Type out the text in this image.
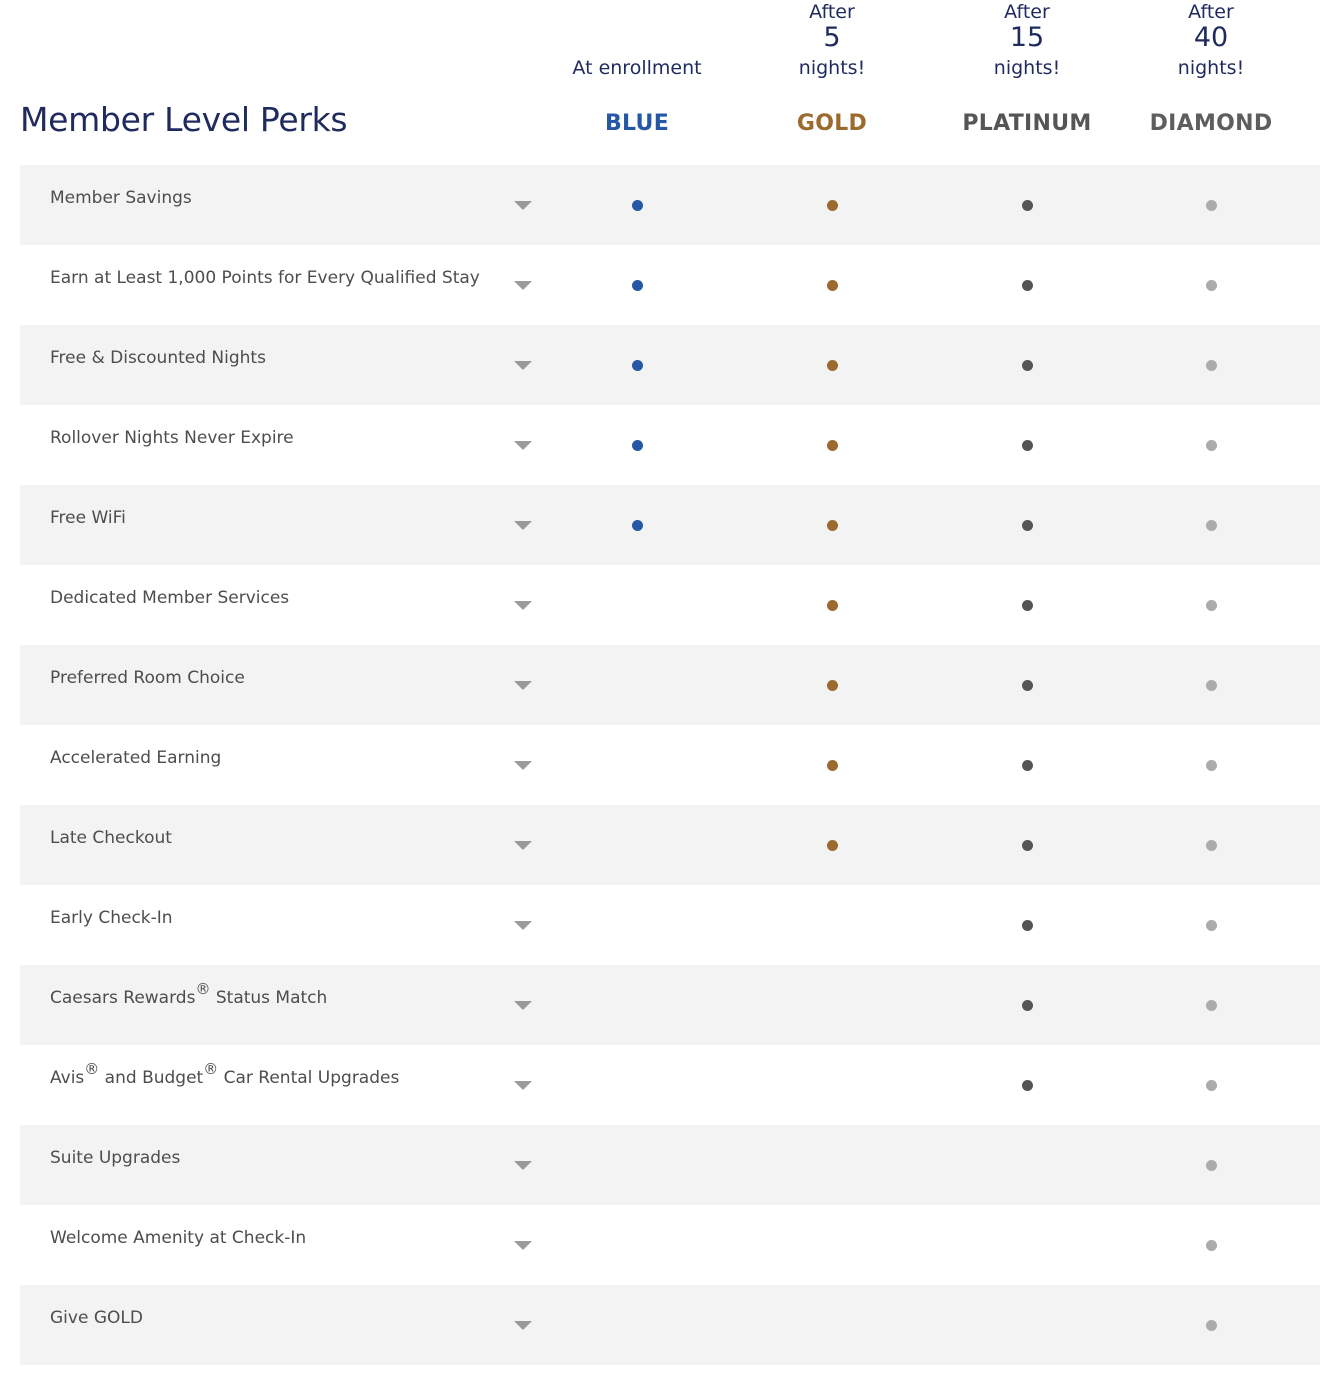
Member Level Perks
At enrollment
BLUE
After
5
nights!
GOLD
After
15
nights!
PLATINUM
After
40
nights!
DIAMOND
Member Savings
Earn at Least 1,000 Points for Every Qualified Stay
Free & Discounted Nights
Rollover Nights Never Expire
Free WiFi
Dedicated Member Services
Preferred Room Choice
Accelerated Earning
Late Checkout
Early Check-In
Caesars Rewards® Status Match
Avis® and Budget® Car Rental Upgrades
Suite Upgrades
Welcome Amenity at Check-In
Give GOLD
